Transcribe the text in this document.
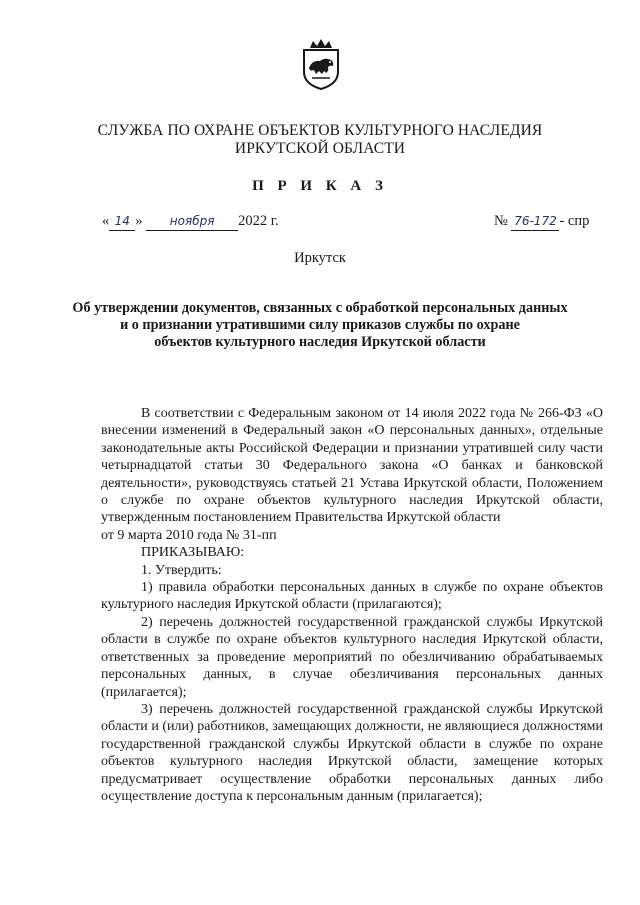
СЛУЖБА ПО ОХРАНЕ ОБЪЕКТОВ КУЛЬТУРНОГО НАСЛЕДИЯ
ИРКУТСКОЙ ОБЛАСТИ
П Р И К А З
« 14 » ноября 2022 г.	№ 76-172 - спр
Иркутск
Об утверждении документов, связанных с обработкой персональных данных
и о признании утратившими силу приказов службы по охране
объектов культурного наследия Иркутской области

В соответствии с Федеральным законом от 14 июля 2022 года № 266-ФЗ «О внесении изменений в Федеральный закон «О персональных данных», отдельные законодательные акты Российской Федерации и признании утратившей силу части четырнадцатой статьи 30 Федерального закона «О банках и банковской деятельности», руководствуясь статьей 21 Устава Иркутской области, Положением о службе по охране объектов культурного наследия Иркутской области, утвержденным постановлением Правительства Иркутской области

от 9 марта 2010 года № 31-пп

ПРИКАЗЫВАЮ:

1. Утвердить:

1) правила обработки персональных данных в службе по охране объектов культурного наследия Иркутской области (прилагаются);

2) перечень должностей государственной гражданской службы Иркутской области в службе по охране объектов культурного наследия Иркутской области, ответственных за проведение мероприятий по обезличиванию обрабатываемых персональных данных, в случае обезличивания персональных данных (прилагается);

3) перечень должностей государственной гражданской службы Иркутской области и (или) работников, замещающих должности, не являющиеся должностями государственной гражданской службы Иркутской области в службе по охране объектов культурного наследия Иркутской области, замещение которых предусматривает осуществление обработки персональных данных либо осуществление доступа к персональным данным (прилагается);
